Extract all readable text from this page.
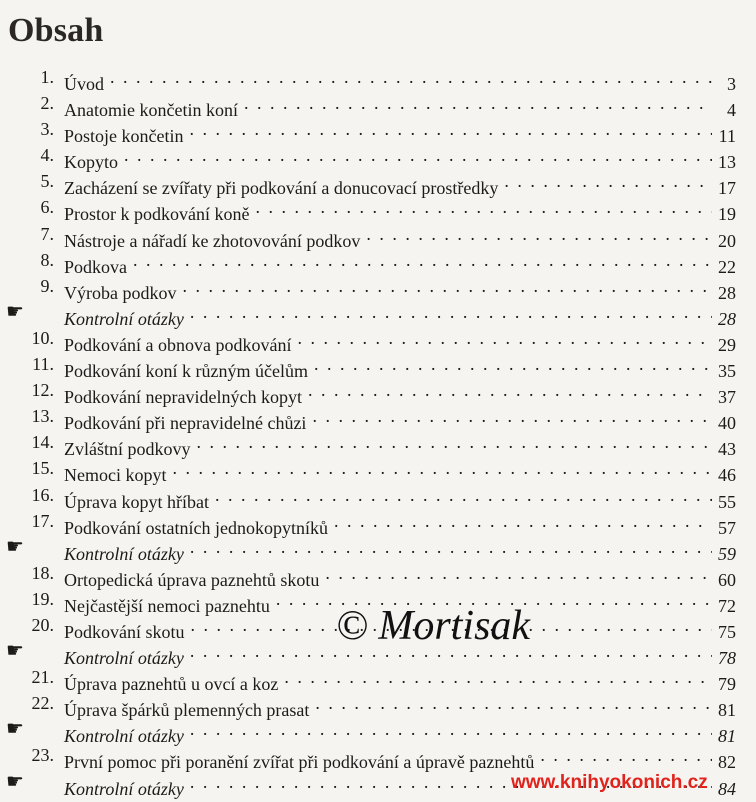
Obsah
1. Úvod . . .	3
2. Anatomie končetin koní . . .	4
3. Postoje končetin . . .	11
4. Kopyto . . .	13
5. Zacházení se zvířaty při podkování a donucovací prostředky . . .	17
6. Prostor k podkování koně . . .	19
7. Nástroje a nářadí ke zhotovování podkov . . .	20
8. Podkova . . .	22
9. Výroba podkov . . .	28
☛ Kontrolní otázky . . .	28
10. Podkování a obnova podkování . . .	29
11. Podkování koní k různým účelům . . .	35
12. Podkování nepravidelných kopyt . . .	37
13. Podkování při nepravidelné chůzi . . .	40
14. Zvláštní podkovy . . .	43
15. Nemoci kopyt . . .	46
16. Úprava kopyt hříbat . . .	55
17. Podkování ostatních jednokopytníků . . .	57
☛ Kontrolní otázky . . .	59
18. Ortopedická úprava paznehtů skotu . . .	60
19. Nejčastější nemoci paznehtu . . .	72
20. Podkování skotu . . .	75
☛ Kontrolní otázky . . .	78
21. Úprava paznehtů u ovcí a koz . . .	79
22. Úprava špárků plemenných prasat . . .	81
☛ Kontrolní otázky . . .	81
23. První pomoc při poranění zvířat při podkování a úpravě paznehtů . . .	82
☛ Kontrolní otázky . . .	84
© Mortisak
www.knihyokonich.cz
